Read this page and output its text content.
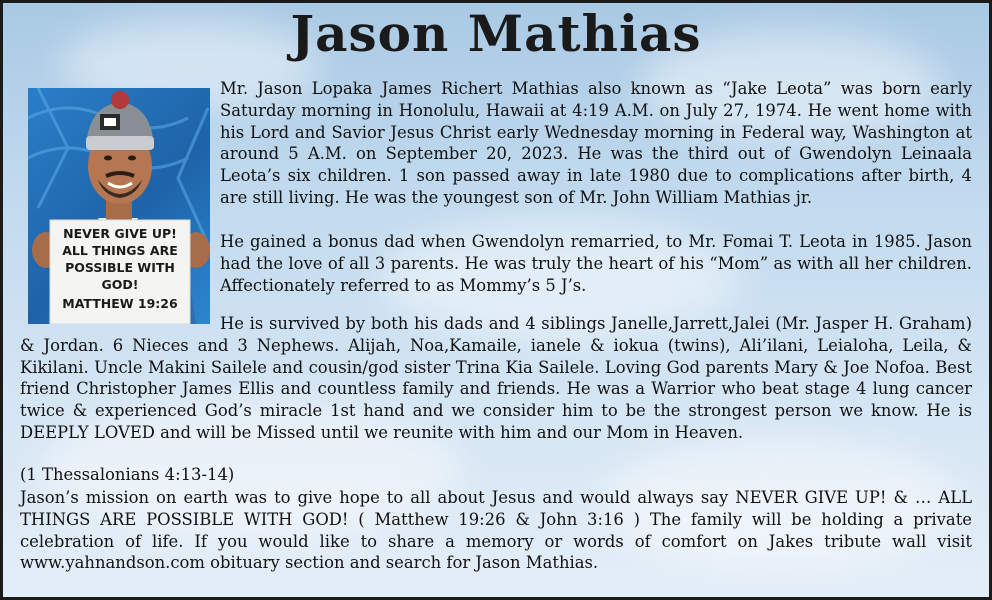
Jason Mathias
NEVER GIVE UP!
ALL THINGS ARE
POSSIBLE WITH
GOD!
MATTHEW 19:26

Mr. Jason Lopaka James Richert Mathias also known as “Jake Leota” was born early Saturday morning in Honolulu, Hawaii at 4:19 A.M. on July 27, 1974. He went home with his Lord and Savior Jesus Christ early Wednesday morning in Federal way, Washington at around 5 A.M. on September 20, 2023. He was the third out of Gwendolyn Leinaala Leota’s six children. 1 son passed away in late 1980 due to complications after birth, 4 are still living. He was the youngest son of Mr. John William Mathias jr.

He gained a bonus dad when Gwendolyn remarried, to Mr. Fomai T. Leota in 1985. Jason had the love of all 3 parents. He was truly the heart of his “Mom” as with all her children. Affectionately referred to as Mommy’s 5 J’s.

He is survived by both his dads and 4 siblings Janelle,Jarrett,Jalei (Mr. Jasper H. Graham) & Jordan. 6 Nieces and 3 Nephews. Alijah, Noa,Kamaile, ianele & iokua (twins), Ali’ilani, Leialoha, Leila, & Kikilani. Uncle Makini Sailele and cousin/god sister Trina Kia Sailele. Loving God parents Mary & Joe Nofoa. Best friend Christopher James Ellis and countless family and friends. He was a Warrior who beat stage 4 lung cancer twice & experienced God’s miracle 1st hand and we consider him to be the strongest person we know. He is DEEPLY LOVED and will be Missed until we reunite with him and our Mom in Heaven.

(1 Thessalonians 4:13-14)

Jason’s mission on earth was to give hope to all about Jesus and would always say NEVER GIVE UP! & … ALL THINGS ARE POSSIBLE WITH GOD! ( Matthew 19:26 & John 3:16 ) The family will be holding a private celebration of life. If you would like to share a memory or words of comfort on Jakes tribute wall visit www.yahnandson.com obituary section and search for Jason Mathias.
